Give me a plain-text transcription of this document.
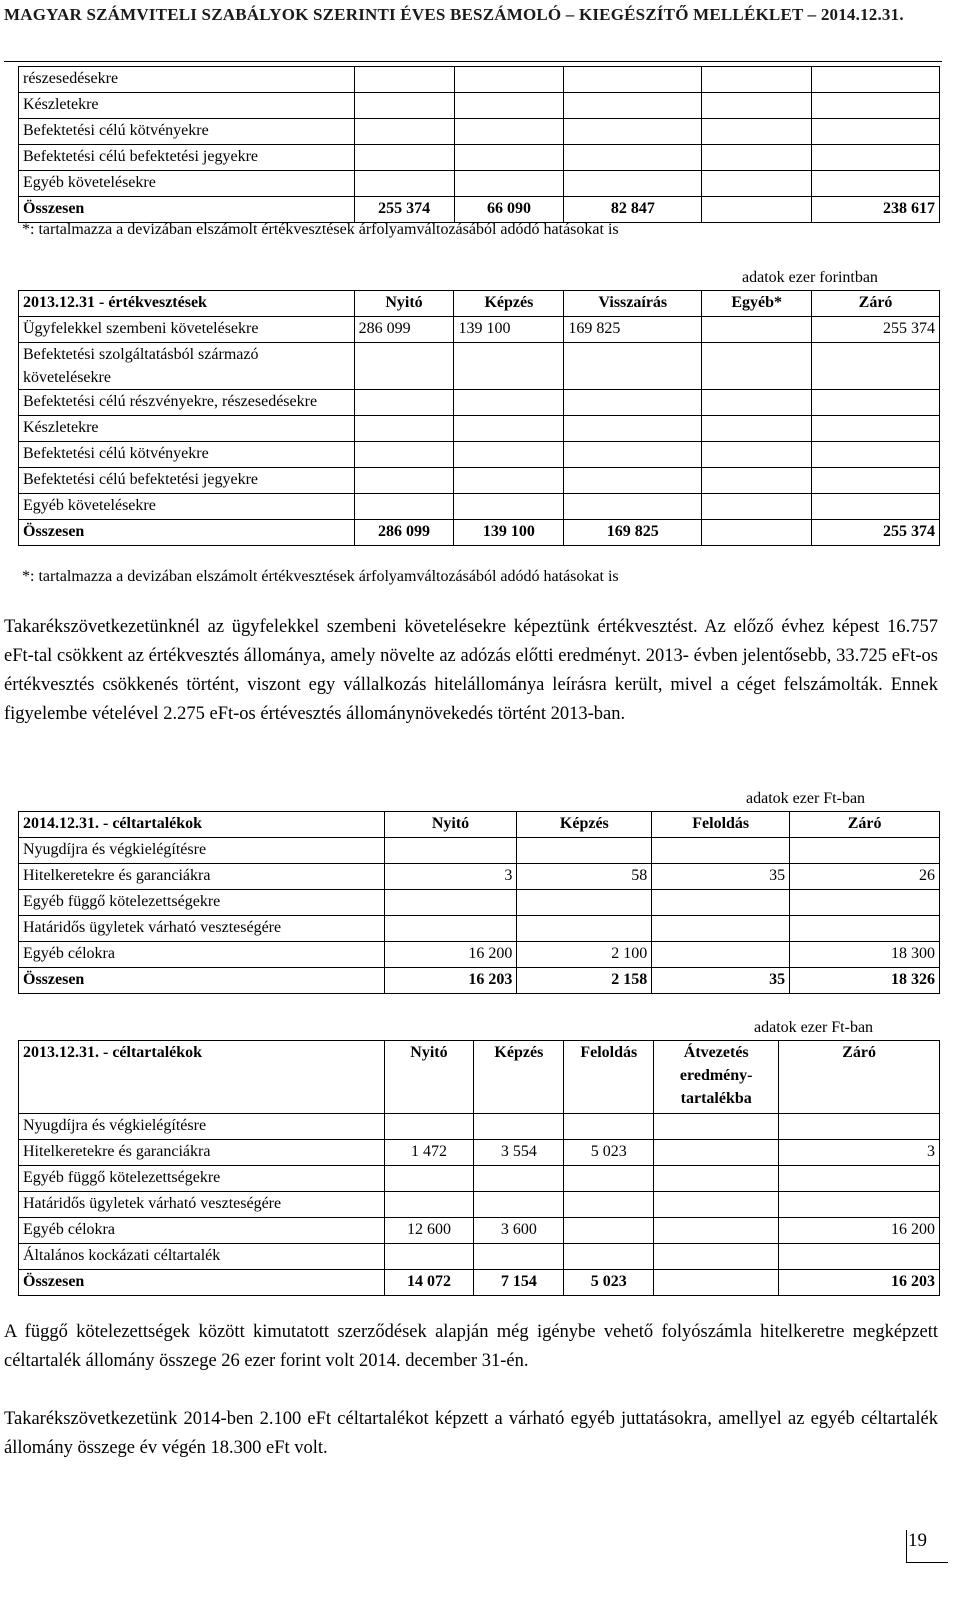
MAGYAR SZÁMVITELI SZABÁLYOK SZERINTI ÉVES BESZÁMOLÓ – KIEGÉSZÍTŐ MELLÉKLET – 2014.12.31.
részesedésekre					
Készletekre					
Befektetési célú kötvényekre					
Befektetési célú befektetési jegyekre					
Egyéb követelésekre					
Összesen	255 374	66 090	82 847		238 617
*: tartalmazza a devizában elszámolt értékvesztések árfolyamváltozásából adódó hatásokat is
adatok ezer forintban
2013.12.31 - értékvesztések	Nyitó	Képzés	Visszaírás	Egyéb*	Záró
Ügyfelekkel szembeni követelésekre	286 099	139 100	169 825		255 374
Befektetési szolgáltatásból származó követelésekre					
Befektetési célú részvényekre, részesedésekre					
Készletekre					
Befektetési célú kötvényekre					
Befektetési célú befektetési jegyekre					
Egyéb követelésekre					
Összesen	286 099	139 100	169 825		255 374
*: tartalmazza a devizában elszámolt értékvesztések árfolyamváltozásából adódó hatásokat is

Takarékszövetkezetünknél az ügyfelekkel szembeni követelésekre képeztünk értékvesztést. Az előző évhez képest 16.757 eFt-tal csökkent az értékvesztés állománya, amely növelte az adózás előtti eredményt. 2013- évben jelentősebb, 33.725 eFt-os értékvesztés csökkenés történt, viszont egy vállalkozás hitelállománya leírásra került, mivel a céget felszámolták. Ennek figyelembe vételével 2.275 eFt-os értévesztés állománynövekedés történt 2013-ban.

adatok ezer Ft-ban
2014.12.31. - céltartalékok	Nyitó	Képzés	Feloldás	Záró
Nyugdíjra és végkielégítésre				
Hitelkeretekre és garanciákra	3	58	35	26
Egyéb függő kötelezettségekre				
Határidős ügyletek várható veszteségére				
Egyéb célokra	16 200	2 100		18 300
Összesen	16 203	2 158	35	18 326
adatok ezer Ft-ban
2013.12.31. - céltartalékok	Nyitó	Képzés	Feloldás	Átvezetés eredmény-tartalékba	Záró
Nyugdíjra és végkielégítésre					
Hitelkeretekre és garanciákra	1 472	3 554	5 023		3
Egyéb függő kötelezettségekre					
Határidős ügyletek várható veszteségére					
Egyéb célokra	12 600	3 600			16 200
Általános kockázati céltartalék					
Összesen	14 072	7 154	5 023		16 203

A függő kötelezettségek között kimutatott szerződések alapján még igénybe vehető folyószámla hitelkeretre megképzett céltartalék állomány összege 26 ezer forint volt 2014. december 31-én.

Takarékszövetkezetünk 2014-ben 2.100 eFt céltartalékot képzett a várható egyéb juttatásokra, amellyel az egyéb céltartalék állomány összege év végén 18.300 eFt volt.

19
